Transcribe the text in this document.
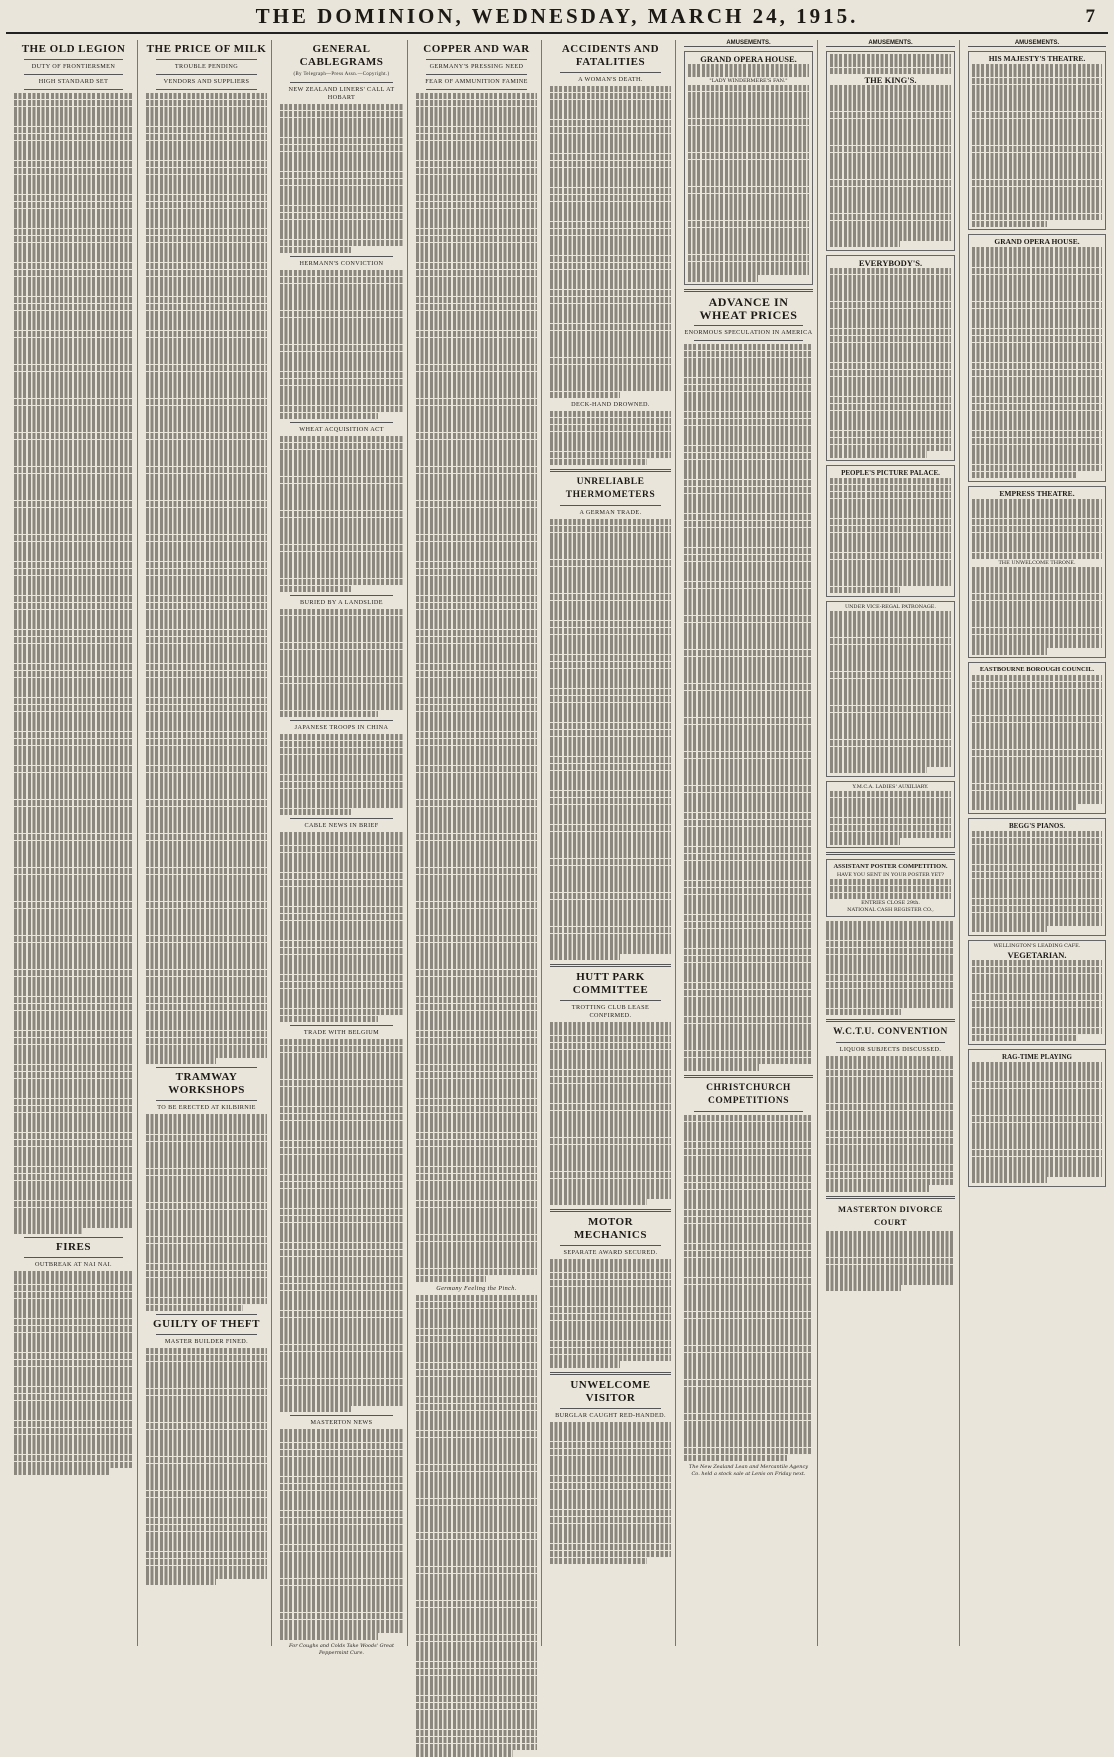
THE DOMINION, WEDNESDAY, MARCH 24, 1915.	7
THE OLD LEGION
DUTY OF FRONTIERSMEN
HIGH STANDARD SET
FIRES
OUTBREAK AT NAI NAI.
THE PRICE OF MILK
TROUBLE PENDING
VENDORS AND SUPPLIERS
TRAMWAY WORKSHOPS
TO BE ERECTED AT KILBIRNIE
GUILTY OF THEFT
MASTER BUILDER FINED.
GENERAL CABLEGRAMS
(By Telegraph—Press Assn.—Copyright.)
NEW ZEALAND LINERS' CALL AT HOBART
HERMANN'S CONVICTION
WHEAT ACQUISITION ACT
BURIED BY A LANDSLIDE
JAPANESE TROOPS IN CHINA
CABLE NEWS IN BRIEF
TRADE WITH BELGIUM
MASTERTON NEWS
For Coughs and Colds Take Woods' Great Peppermint Cure.
COPPER AND WAR
GERMANY'S PRESSING NEED
FEAR OF AMMUNITION FAMINE
Germany Feeling the Pinch.
ACCIDENTS AND FATALITIES
A WOMAN'S DEATH.
DECK-HAND DROWNED.
UNRELIABLE THERMOMETERS
A GERMAN TRADE.
HUTT PARK COMMITTEE
TROTTING CLUB LEASE CONFIRMED.
MOTOR MECHANICS
SEPARATE AWARD SECURED.
UNWELCOME VISITOR
BURGLAR CAUGHT RED-HANDED.
AMUSEMENTS.
GRAND OPERA HOUSE.
"LADY WINDERMERE'S FAN."
ADVANCE IN WHEAT PRICES
ENORMOUS SPECULATION IN AMERICA
CHRISTCHURCH COMPETITIONS
The New Zealand Lean and Mercantile Agency Co. held a stock sale at Lenis on Friday next.
AMUSEMENTS.
THE KING'S.
EVERYBODY'S.
PEOPLE'S PICTURE PALACE.
UNDER VICE-REGAL PATRONAGE.
Y.M.C.A. LADIES' AUXILIARY.
ASSISTANT POSTER COMPETITION.
HAVE YOU SENT IN YOUR POSTER YET?
ENTRIES CLOSE 29th.
NATIONAL CASH REGISTER CO.,
W.C.T.U. CONVENTION
LIQUOR SUBJECTS DISCUSSED.
MASTERTON DIVORCE COURT
AMUSEMENTS.
HIS MAJESTY'S THEATRE.
GRAND OPERA HOUSE.
EMPRESS THEATRE.
THE UNWELCOME THRONE.
EASTBOURNE BOROUGH COUNCIL.
BEGG'S PIANOS.
WELLINGTON'S LEADING CAFE.
VEGETARIAN.
RAG-TIME PLAYING
